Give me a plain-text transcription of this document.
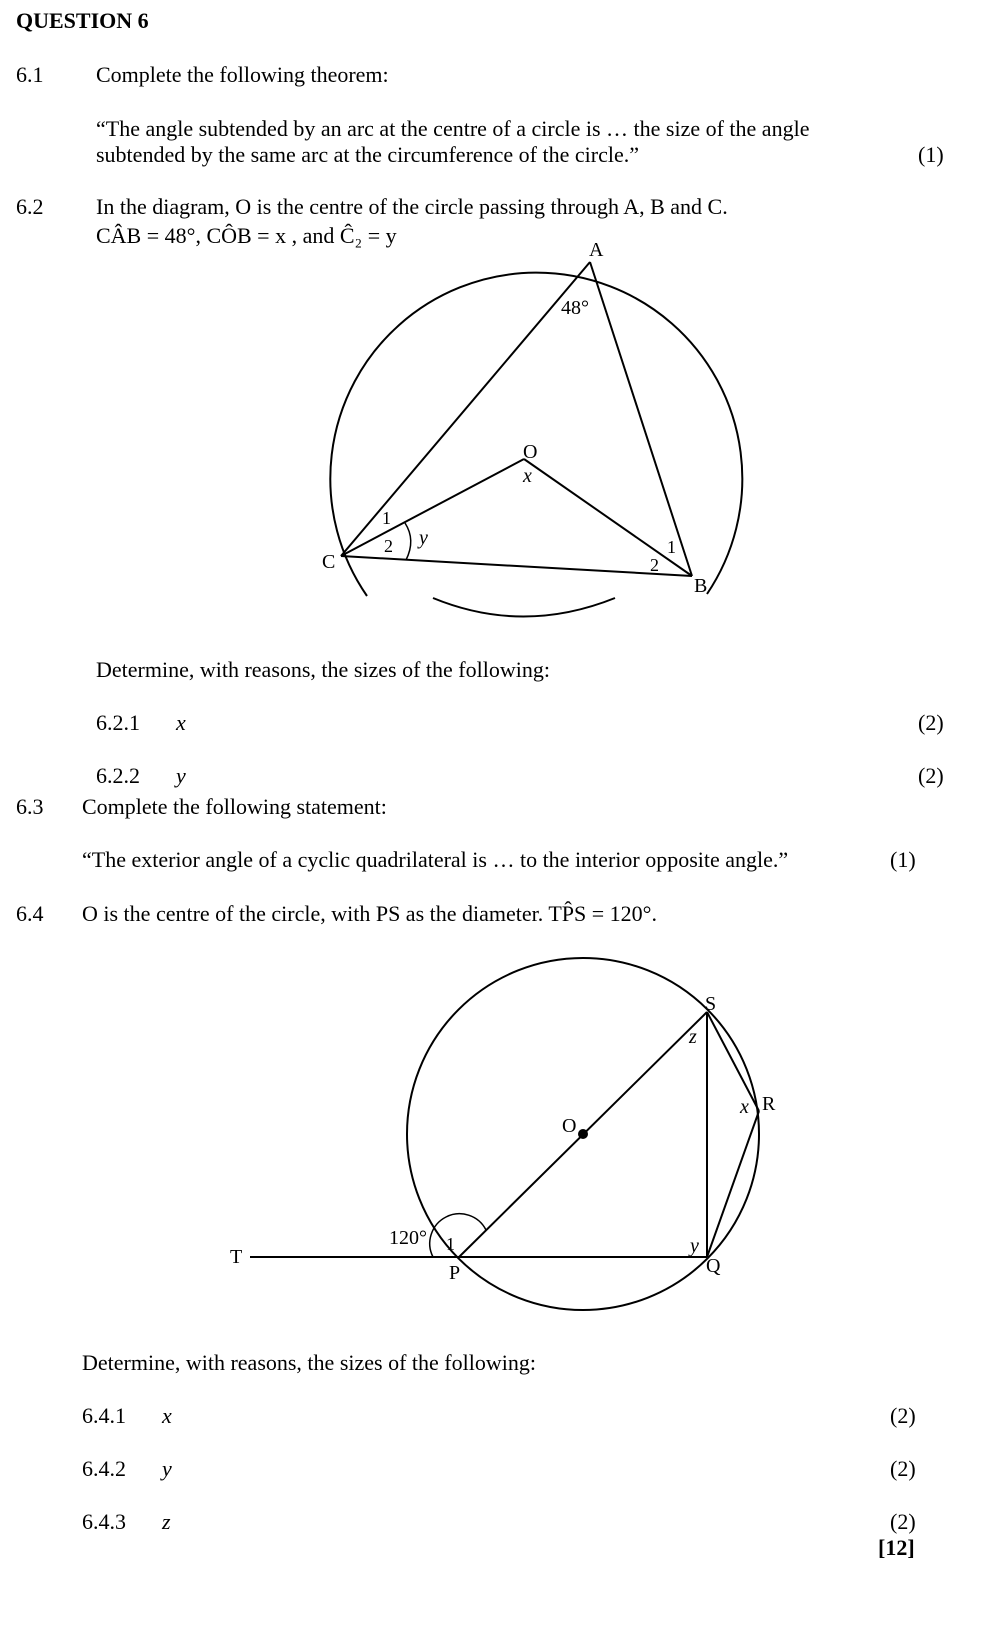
QUESTION 6
6.1 Complete the following theorem:
“The angle subtended by an arc at the centre of a circle is … the size of the angle
subtended by the same arc at the circumference of the circle.”	(1)
6.2 In the diagram, O is the centre of the circle passing through A, B and C.
CÂB = 48°, CÔB = x , and Ĉ₂ = y
A
B
C
O
48°
x
y
1
2	1
2
T
P	Q
R
S
O
120° 1
x
y
z
Determine, with reasons, the sizes of the following:
6.2.1 x	(2)
6.2.2 y	(2)
6.3 Complete the following statement:
“The exterior angle of a cyclic quadrilateral is … to the interior opposite angle.”	(1)
6.4 O is the centre of the circle, with PS as the diameter. TP̂S = 120°.
Determine, with reasons, the sizes of the following:
6.4.1 x	(2)
6.4.2 y	(2)
6.4.3 z	(2)
[12]
